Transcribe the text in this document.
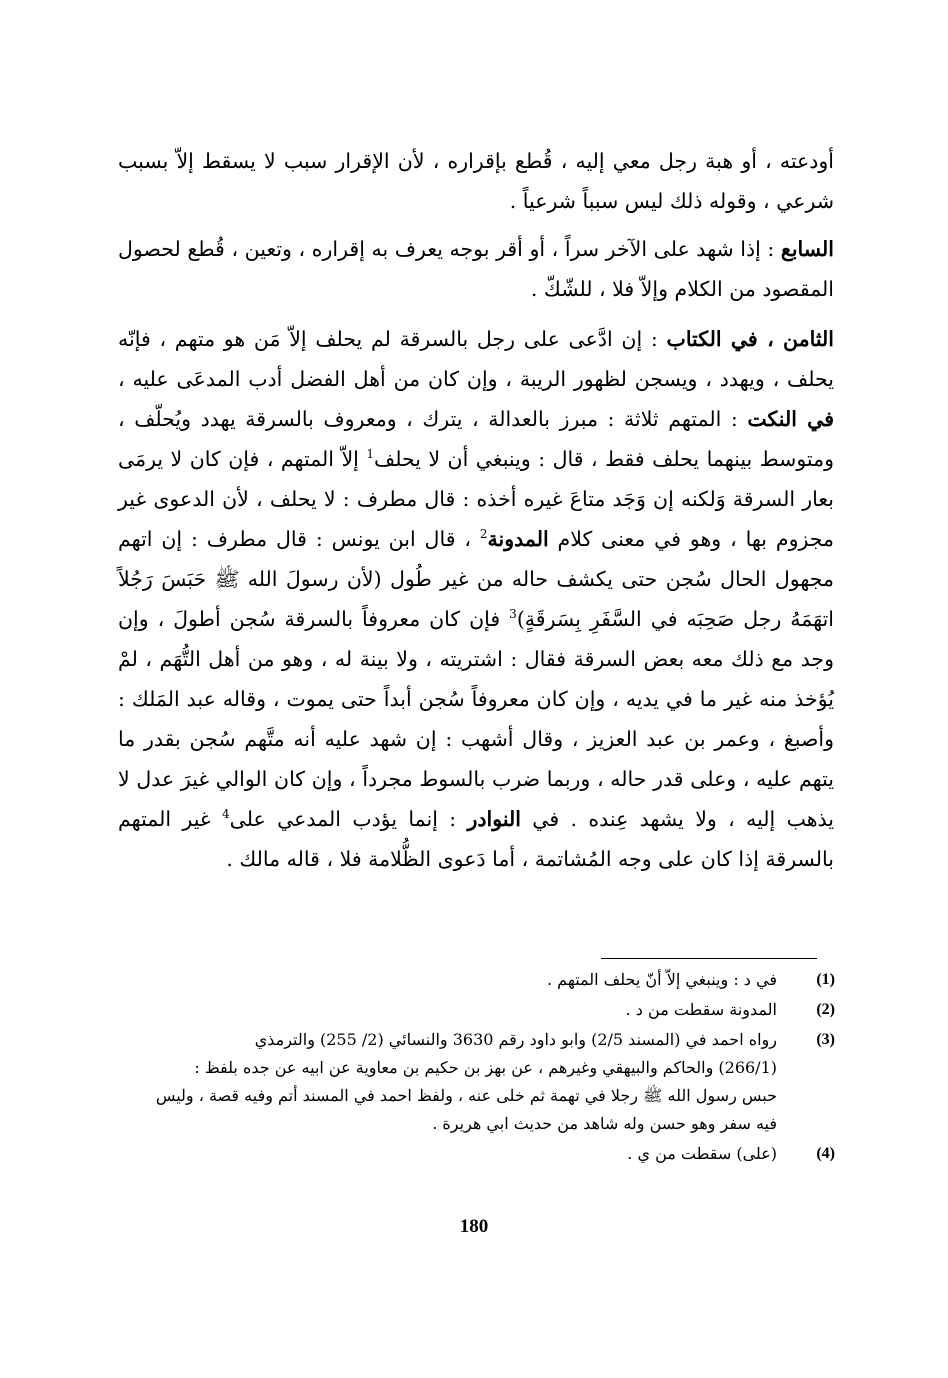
أودعته ، أو هبة رجل معي إليه ، قُطع بإقراره ، لأن الإقرار سبب لا يسقط إلاّ بسبب شرعي ، وقوله ذلك ليس سبباً شرعياً .

السابع : إذا شهد على الآخر سراً ، أو أقر بوجه يعرف به إقراره ، وتعين ، قُطع لحصول المقصود من الكلام وإلاّ فلا ، للشّكّ .

الثامن ، في الكتاب : إن ادَّعى على رجل بالسرقة لم يحلف إلاّ مَن هو متهم ، فإنّه يحلف ، ويهدد ، ويسجن لظهور الريبة ، وإن كان من أهل الفضل أدب المدعَى عليه ، في النكت : المتهم ثلاثة : مبرز بالعدالة ، يترك ، ومعروف بالسرقة يهدد ويُحلّف ، ومتوسط بينهما يحلف فقط ، قال : وينبغي أن لا يحلف$^1$ إلاّ المتهم ، فإن كان لا يرمَى بعار السرقة وَلكنه إن وَجَد متاعَ غيره أخذه : قال مطرف : لا يحلف ، لأن الدعوى غير مجزوم بها ، وهو في معنى كلام المدونة$^2$ ، قال ابن يونس : قال مطرف : إن اتهم مجهول الحال سُجن حتى يكشف حاله من غير طُول (لأن رسولَ الله ﷺ حَبَسَ رَجُلاً اتهَمَهُ رجل صَحِبَه في السَّفَرِ بِسَرقَةٍ)$^3$ فإن كان معروفاً بالسرقة سُجن أطولَ ، وإن وجد مع ذلك معه بعض السرقة فقال : اشتريته ، ولا بينة له ، وهو من أهل التُّهَم ، لمْ يُؤخذ منه غير ما في يديه ، وإن كان معروفاً سُجن أبداً حتى يموت ، وقاله عبد المَلك : وأصبغ ، وعمر بن عبد العزيز ، وقال أشهب : إن شهد عليه أنه متَّهم سُجن بقدر ما يتهم عليه ، وعلى قدر حاله ، وربما ضرب بالسوط مجرداً ، وإن كان الوالي غيرَ عدل لا يذهب إليه ، ولا يشهد عِنده . في النوادر : إنما يؤدب المدعي على$^4$ غير المتهم بالسرقة إذا كان على وجه المُشاتمة ، أما دَعوى الظُّلامة فلا ، قاله مالك .

(1)
في د : وينبغي إلاّ أنّ يحلف المتهم .
(2)
المدونة سقطت من د .
(3)
رواه احمد في (المسند 2/5) وابو داود رقم 3630 والنسائي (2/ 255) والترمذي
(266/1) والحاكم والبيهقي وغيرهم ، عن بهز بن حكيم بن معاوية عن ابيه عن جده بلفظ :
حبس رسول الله ﷺ رجلا في تهمة ثم خلى عنه ، ولفظ احمد في المسند أتم وفيه قصة ، وليس
فيه سفر وهو حسن وله شاهد من حديث ابي هريرة .
(4)
(على) سقطت من ي .
180
